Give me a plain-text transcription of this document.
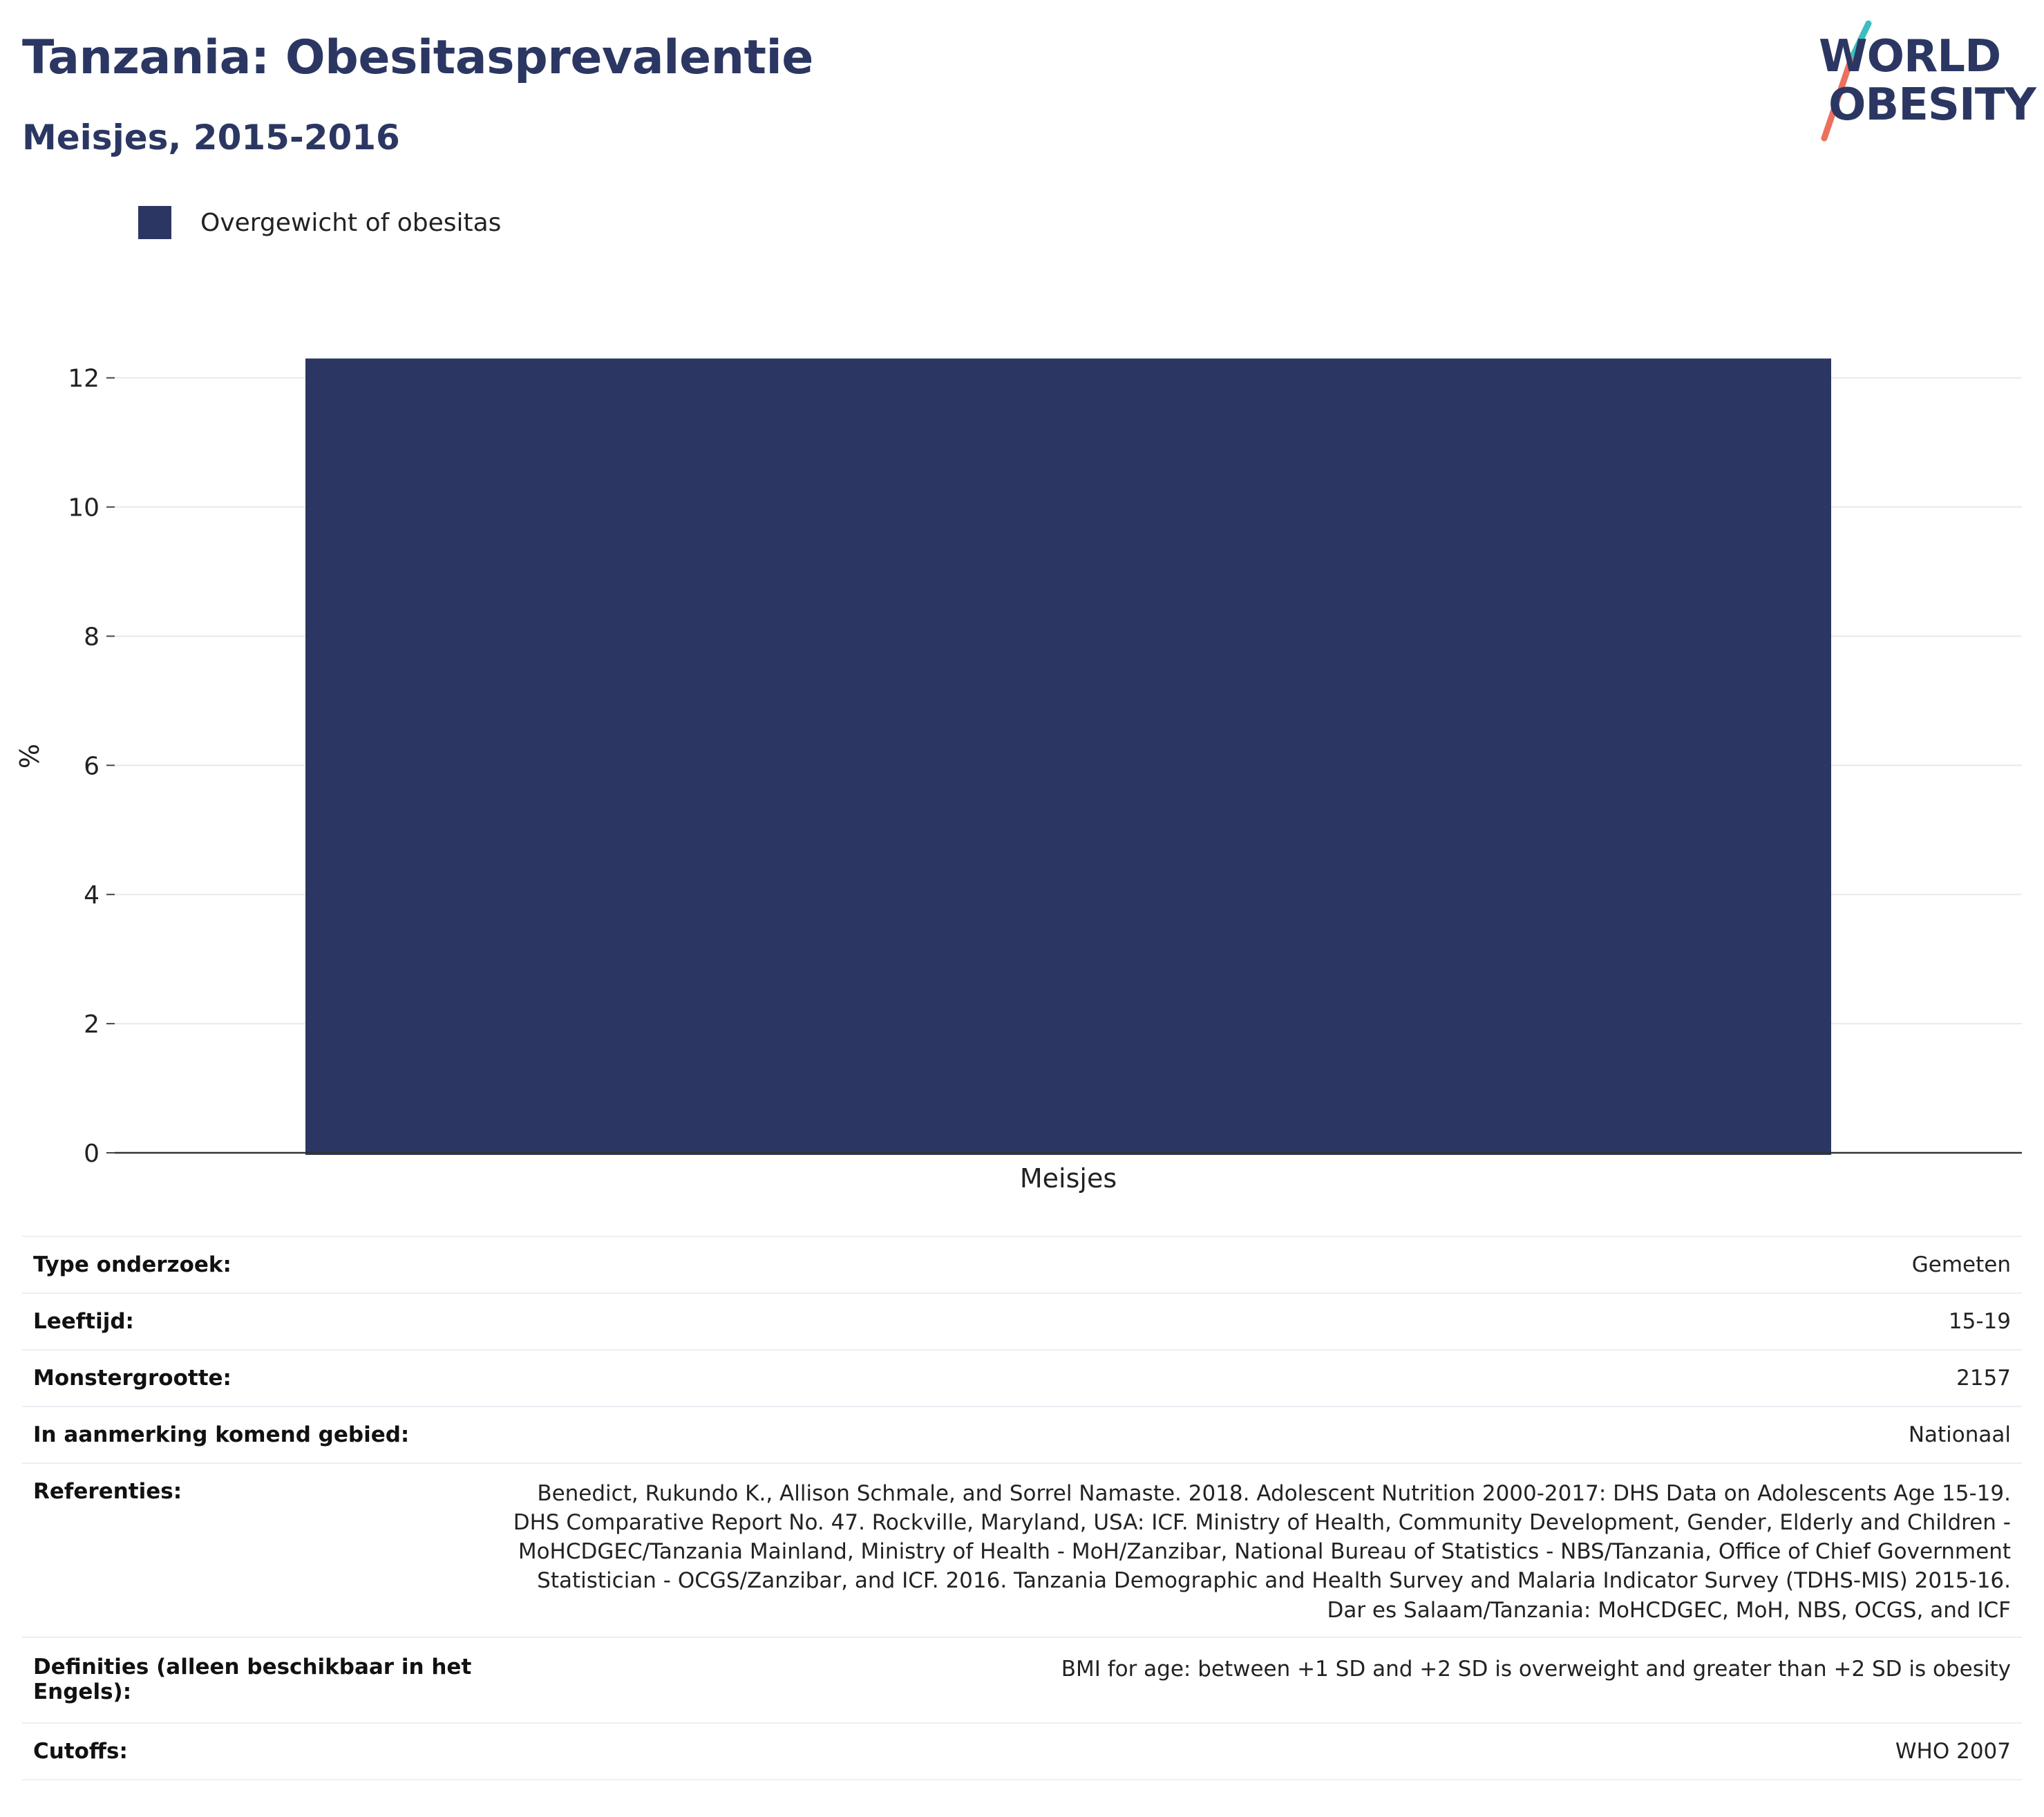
Tanzania: Obesitasprevalentie
Meisjes, 2015-2016
WORLD
OBESITY
Overgewicht of obesitas
0
2
4
6
8
10
12
Meisjes
%
Type onderzoek:	Gemeten
Leeftijd:	15-19
Monstergrootte:	2157
In aanmerking komend gebied:	Nationaal
Referenties:	Benedict, Rukundo K., Allison Schmale, and Sorrel Namaste. 2018. Adolescent Nutrition 2000-2017: DHS Data on Adolescents Age 15-19. DHS Comparative Report No. 47. Rockville, Maryland, USA: ICF. Ministry of Health, Community Development, Gender, Elderly and Children - MoHCDGEC/Tanzania Mainland, Ministry of Health - MoH/Zanzibar, National Bureau of Statistics - NBS/Tanzania, Office of Chief Government Statistician - OCGS/Zanzibar, and ICF. 2016. Tanzania Demographic and Health Survey and Malaria Indicator Survey (TDHS-MIS) 2015-16. Dar es Salaam/Tanzania: MoHCDGEC, MoH, NBS, OCGS, and ICF
Definities (alleen beschikbaar in het Engels):	BMI for age: between +1 SD and +2 SD is overweight and greater than +2 SD is obesity
Cutoffs:	WHO 2007
